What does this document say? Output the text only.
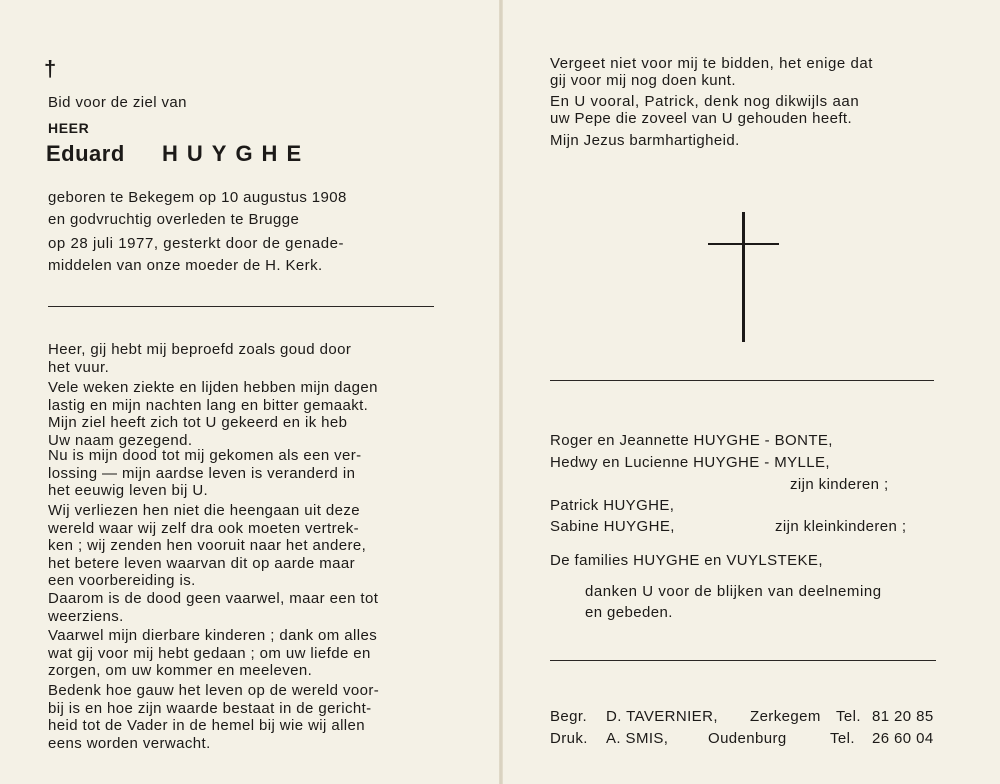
†
Bid voor de ziel van
HEER
Eduard HUYGHE
geboren te Bekegem op 10 augustus 1908
en godvruchtig overleden te Brugge
op 28 juli 1977, gesterkt door de genade-
middelen van onze moeder de H. Kerk.
Heer, gij hebt mij beproefd zoals goud door
het vuur.
Vele weken ziekte en lijden hebben mijn dagen
lastig en mijn nachten lang en bitter gemaakt.
Mijn ziel heeft zich tot U gekeerd en ik heb
Uw naam gezegend.
Nu is mijn dood tot mij gekomen als een ver-
lossing — mijn aardse leven is veranderd in
het eeuwig leven bij U.
Wij verliezen hen niet die heengaan uit deze
wereld waar wij zelf dra ook moeten vertrek-
ken ; wij zenden hen vooruit naar het andere,
het betere leven waarvan dit op aarde maar
een voorbereiding is.
Daarom is de dood geen vaarwel, maar een tot
weerziens.
Vaarwel mijn dierbare kinderen ; dank om alles
wat gij voor mij hebt gedaan ; om uw liefde en
zorgen, om uw kommer en meeleven.
Bedenk hoe gauw het leven op de wereld voor-
bij is en hoe zijn waarde bestaat in de gericht-
heid tot de Vader in de hemel bij wie wij allen
eens worden verwacht.
Vergeet niet voor mij te bidden, het enige dat
gij voor mij nog doen kunt.
En U vooral, Patrick, denk nog dikwijls aan
uw Pepe die zoveel van U gehouden heeft.
Mijn Jezus barmhartigheid.
Roger en Jeannette HUYGHE - BONTE,
Hedwy en Lucienne HUYGHE - MYLLE,
zijn kinderen ;
Patrick HUYGHE,
Sabine HUYGHE,	zijn kleinkinderen ;
De families HUYGHE en VUYLSTEKE,
danken U voor de blijken van deelneming
en gebeden.
Begr. D. TAVERNIER, Zerkegem Tel. 81 20 85
Druk. A. SMIS,	Oudenburg	Tel. 26 60 04
